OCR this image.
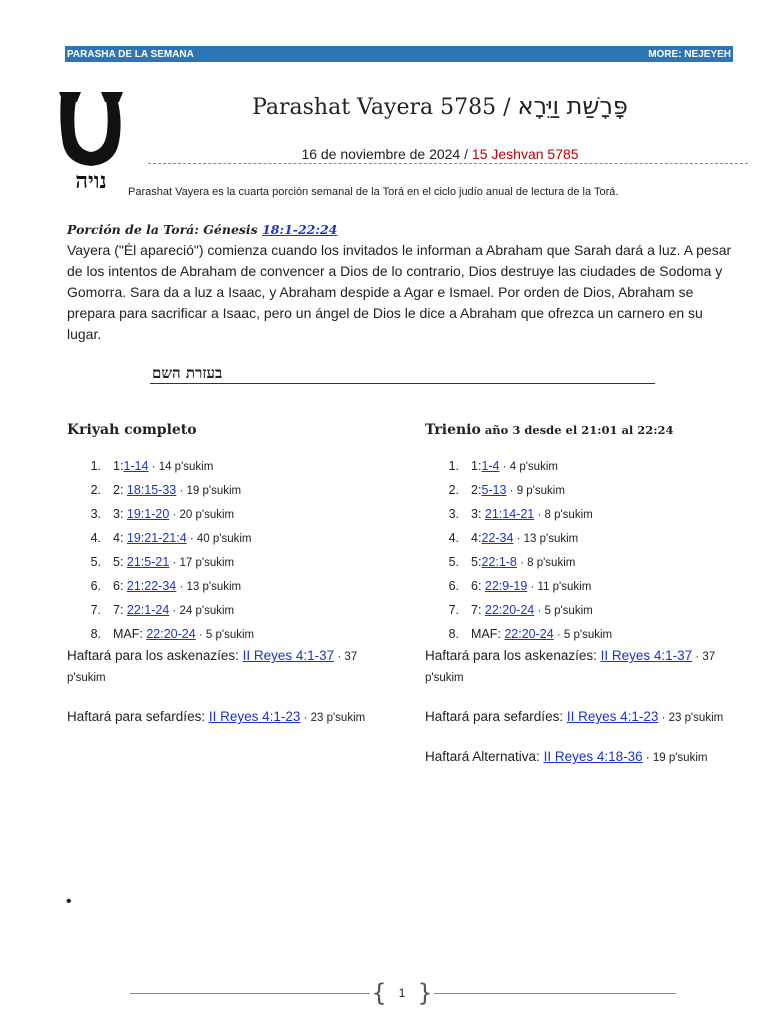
PARASHA DE LA SEMANA	MORE: NEJEYEH
ה
נויה
Parashat Vayera 5785 / פָּרָשַׁת וַיֵּרָא
16 de noviembre de 2024 / 15 Jeshvan 5785
Parashat Vayera es la cuarta porción semanal de la Torá en el ciclo judío anual de lectura de la Torá.
Porción de la Torá: Génesis 18:1-22:24
Vayera ("Él apareció") comienza cuando los invitados le informan a Abraham que Sarah dará a luz. A pesar de los intentos de Abraham de convencer a Dios de lo contrario, Dios destruye las ciudades de Sodoma y Gomorra. Sara da a luz a Isaac, y Abraham despide a Agar e Ismael. Por orden de Dios, Abraham se prepara para sacrificar a Isaac, pero un ángel de Dios le dice a Abraham que ofrezca un carnero en su lugar.
בעזרת השם
Kriyah completo
1. 1:1-14 · 14 p'sukim
2. 2: 18:15-33 · 19 p'sukim
3. 3: 19:1-20 · 20 p'sukim
4. 4: 19:21-21:4 · 40 p'sukim
5. 5: 21:5-21 · 17 p'sukim
6. 6: 21:22-34 · 13 p'sukim
7. 7: 22:1-24 · 24 p'sukim
8. MAF: 22:20-24 · 5 p'sukim
Haftará para los askenazíes: II Reyes 4:1-37 · 37 p'sukim
Haftará para sefardíes: II Reyes 4:1-23 · 23 p'sukim
Trienio año 3 desde el 21:01 al 22:24
1. 1:1-4 · 4 p'sukim
2. 2:5-13 · 9 p'sukim
3. 3: 21:14-21 · 8 p'sukim
4. 4:22-34 · 13 p'sukim
5. 5:22:1-8 · 8 p'sukim
6. 6: 22:9-19 · 11 p'sukim
7. 7: 22:20-24 · 5 p'sukim
8. MAF: 22:20-24 · 5 p'sukim
Haftará para los askenazíes: II Reyes 4:1-37 · 37 p'sukim
Haftará para sefardíes: II Reyes 4:1-23 · 23 p'sukim
Haftará Alternativa: II Reyes 4:18-36 · 19 p'sukim
•
{ 1 }
